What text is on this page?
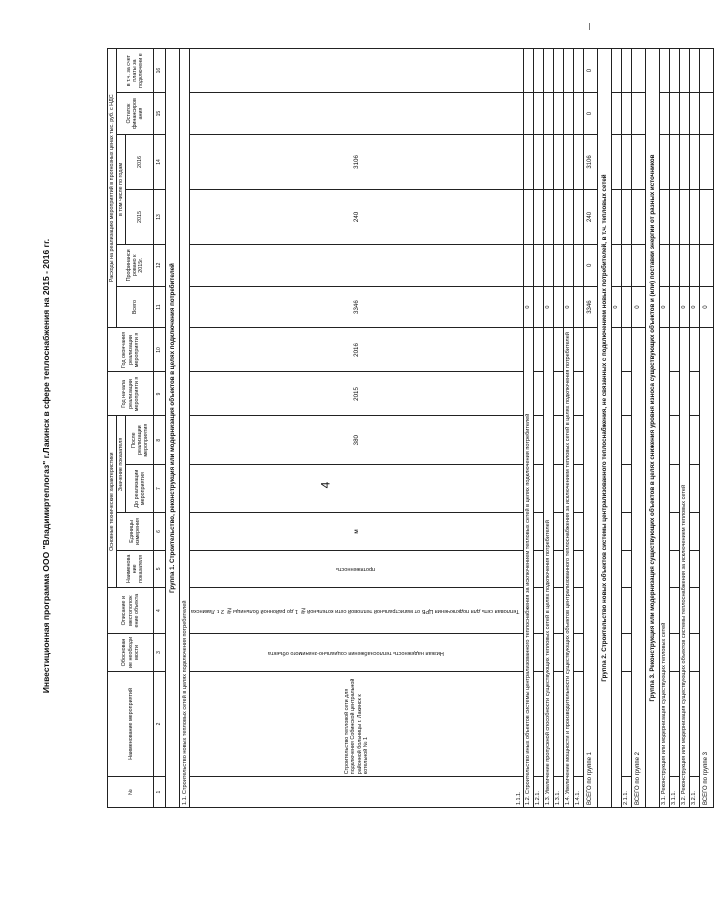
Инвестиционная программа ООО "Владимиртеплогаз" г.Лакинск в сфере теплоснабжения на 2015 - 2016 гг.	4
№	Наименование мероприятий	Обоснован ие необходи мости	Описание и местополож ение объекта	Основные технические характеристики				Год начала реализации мероприяти я	Год окончания реализации мероприяти я	Расходы на реализацию мероприятий в прогнозных ценах тыс. руб. с НДС					
				Наименова ние показателя	Единицы измерения	Значение показателя				Всего	Профинанси ровано к 2015г.	в том числе по годам		Остаток финансиров ания	в т.ч. за счет платы за подключени е
						До реализации мероприятия	После реализации мероприятия					2015	2016		

1	2	3	4	5	6	7	8	9	10	11	12	13	14	15	16
Группа 1. Строительство, реконструкция или модернизация объектов в целях подключения потребителей															
1.1. Строительство новых тепловых сетей в целях подключения потребителей															
1.1.1.	Строительство тепловой сети для подключения Собинской центральной районной больницы г. Лакинск к котельной № 1	Низкая надежность теплоснабжения социально-значимого объекта	Тепловая сеть для подключения ЦРБ от магистральной тепловой сети котельной № 1 до районной больницы № 2 г. Лакинска	протяженность	м		380	2015	2016	3346		240	3106		
1.2. Строительство иных объектов системы централизованного теплоснабжения за исключением тепловых сетей в целях подключения потребителей										0					
1.2.1.															
1.3. Увеличение пропускной способности существующих тепловых сетей в целях подключения потребителей										0					
1.3.1.															
1.4. Увеличение мощности и производительности существующих объектов централизованного теплоснабжения за исключением тепловых сетей в целях подключения потребителей										0					
1.4.1.															
ВСЕГО по группе 1										3346	0	240	3106	0	0
Группа 2. Строительство новых объектов системы централизованного теплоснабжения, не связанных с подключением новых потребителей, в т.ч. тепловых сетей															
										0					
2.1.1.															
ВСЕГО по группе 2										0					
Группа 3. Реконструкция или модернизация существующих объектов в целях снижения уровня износа существующих объектов и (или) поставки энергии от разных источников															
3.1. Реконструкция или модернизация существующих тепловых сетей										0					
3.1.1.															
3.2. Реконструкция или модернизация существующих объектов системы теплоснабжения за исключением тепловых сетей										0					
3.2.1.										0					
ВСЕГО по группе 3										0					
